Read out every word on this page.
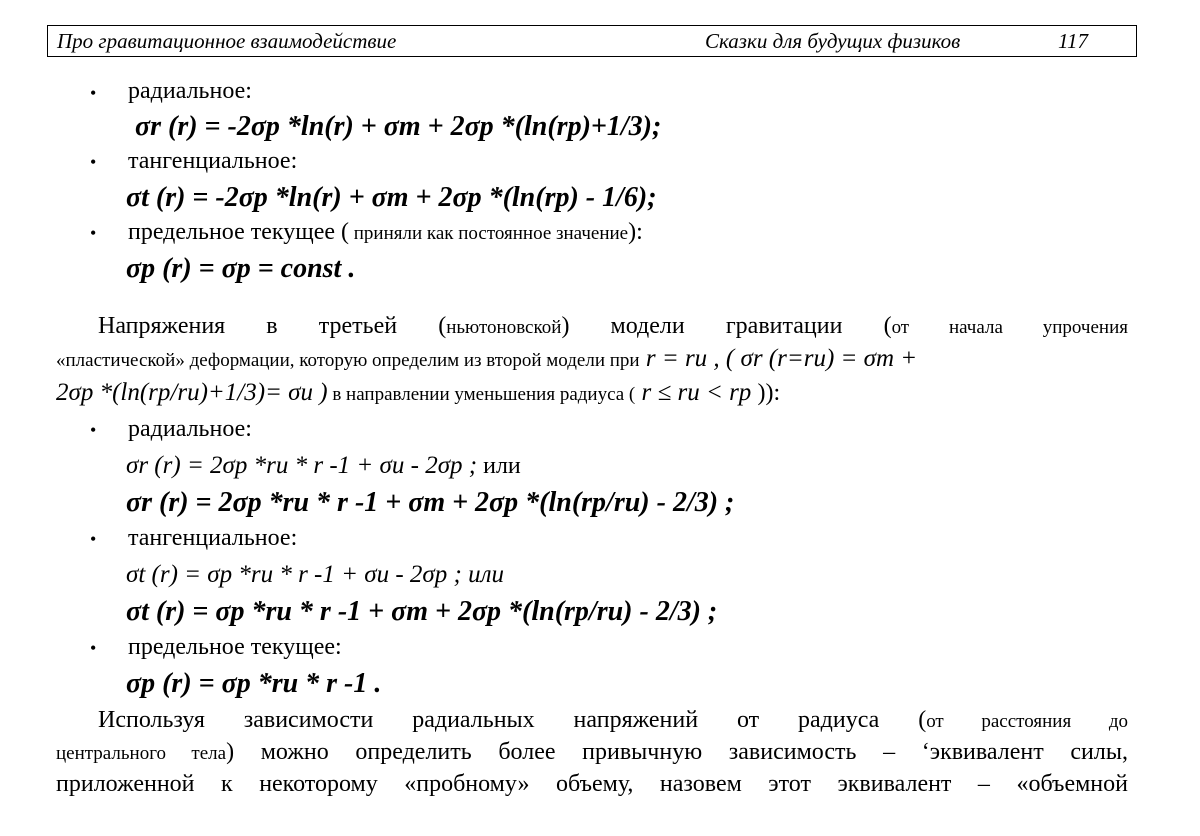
Про гравитационное взаимодействие	Сказки для будущих физиков	117
•
•
•
•
•
•
радиальное:
σr (r) = -2σp *ln(r) + σm + 2σp *(ln(rp)+1/3);
тангенциальное:
σt (r) = -2σp *ln(r) + σm + 2σp *(ln(rp) - 1/6);
предельное текущее ( приняли как постоянное значение):
σp (r) = σp = const .
Напряжения в третьей (ньютоновской) модели гравитации (от начала упрочения
«пластической» деформации, которую определим из второй модели при r = ru , ( σr (r=ru) = σm +
2σp *(ln(rp/ru)+1/3)= σu ) в направлении уменьшения радиуса ( r ≤ ru < rp )):
радиальное:
σr (r) = 2σp *ru * r -1 + σu - 2σp ; или
σr (r) = 2σp *ru * r -1 + σm + 2σp *(ln(rp/ru) - 2/3) ;
тангенциальное:
σt (r) = σp *ru * r -1 + σu - 2σp ; или
σt (r) = σp *ru * r -1 + σm + 2σp *(ln(rp/ru) - 2/3) ;
предельное текущее:
σp (r) = σp *ru * r -1 .
Используя зависимости радиальных напряжений от радиуса (от расстояния до
центрального тела) можно определить более привычную зависимость – ‘эквивалент силы,
приложенной к некоторому «пробному» объему, назовем этот эквивалент – «объемной
